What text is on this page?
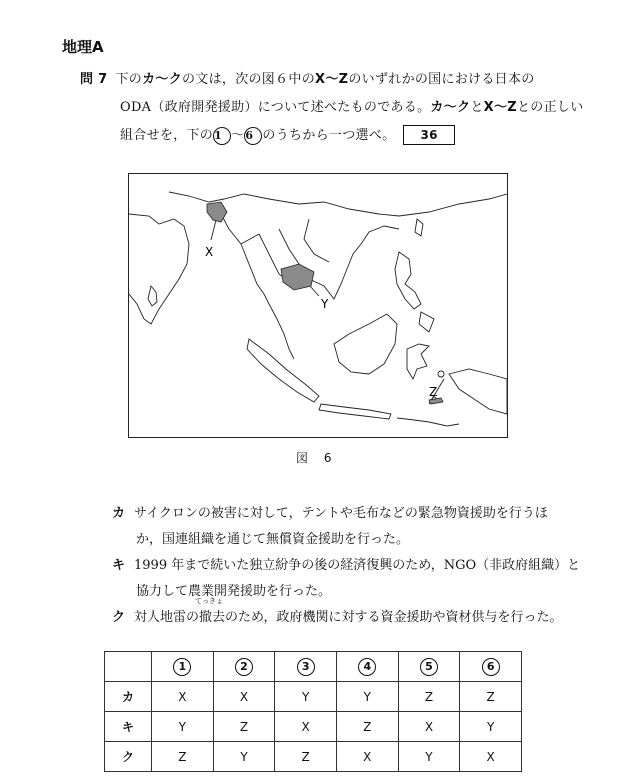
地理A
問 7 下のカ～クの文は，次の図６中のX～Zのいずれかの国における日本の
ODA（政府開発援助）について述べたものである。カ～クとX～Zとの正しい
組合せを，下の1 ～6 のうちから一つ選べ。 36
X
Y
Z
図 6
カ サイクロンの被害に対して，テントや毛布などの緊急物資援助を行うほ
か，国連組織を通じて無償資金援助を行った。
キ 1999 年まで続いた独立紛争の後の経済復興のため，NGO（非政府組織）と
協力して農業開発援助を行った。
ク 対人地雷の
てっきょ
撤去のため，政府機関に対する資金援助や資材供与を行った。
	1	2	3	4	5	6
カ	X	X	Y	Y	Z	Z
キ	Y	Z	X	Z	X	Y
ク	Z	Y	Z	X	Y	X
